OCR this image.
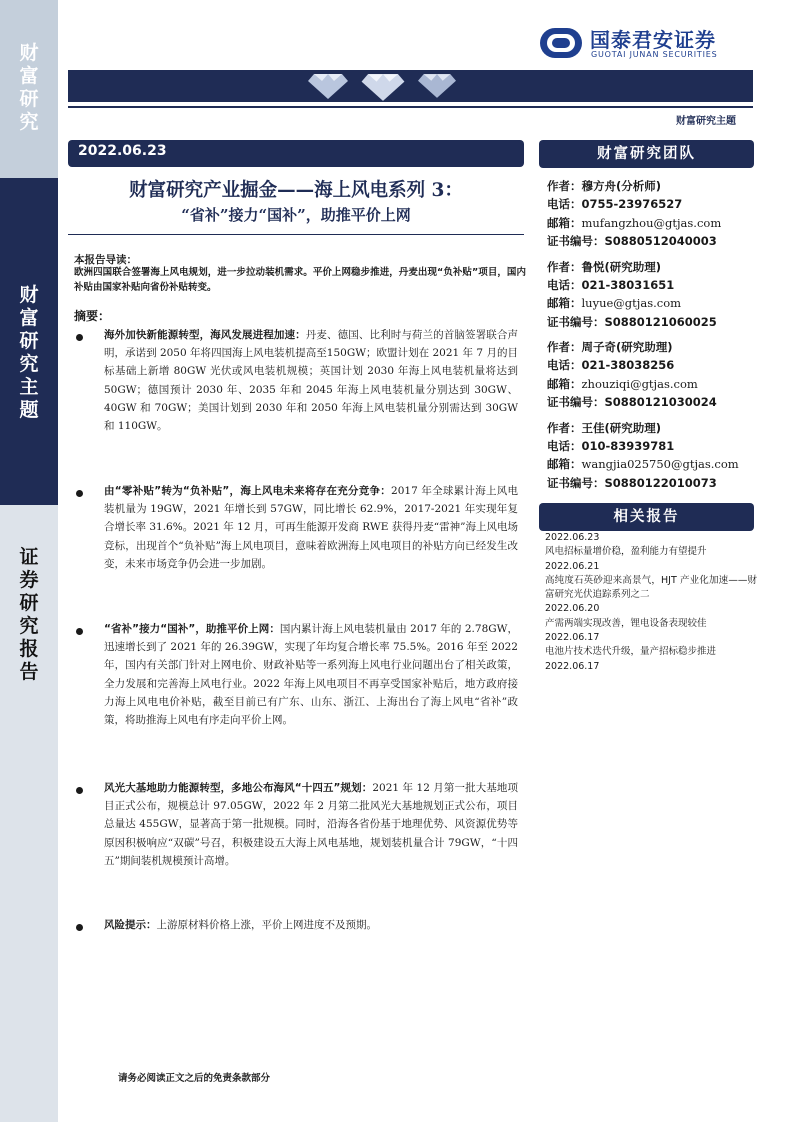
财
富
研
究
财
富
研
究
主
题
证
券
研
究
报
告
国泰君安证券
GUOTAI JUNAN SECURITIES
财富研究主题
2022.06.23
财富研究产业掘金——海上风电系列 3：
“省补”接力“国补”，助推平价上网
本报告导读：
欧洲四国联合签署海上风电规划，进一步拉动装机需求。平价上网稳步推进，丹麦出现“负补贴”项目，国内补贴由国家补贴向省份补贴转变。
摘要：
海外加快新能源转型，海风发展进程加速：丹麦、德国、比利时与荷兰的首脑签署联合声明，承诺到 2050 年将四国海上风电装机提高至150GW；欧盟计划在 2021 年 7 月的目标基础上新增 80GW 光伏或风电装机规模；英国计划 2030 年海上风电装机量将达到 50GW；德国预计 2030 年、2035 年和 2045 年海上风电装机量分别达到 30GW、40GW 和 70GW；美国计划到 2030 年和 2050 年海上风电装机量分别需达到 30GW 和 110GW。
由“零补贴”转为“负补贴”，海上风电未来将存在充分竞争：2017 年全球累计海上风电装机量为 19GW，2021 年增长到 57GW，同比增长 62.9%，2017-2021 年实现年复合增长率 31.6%。2021 年 12 月，可再生能源开发商 RWE 获得丹麦“雷神”海上风电场竞标，出现首个“负补贴”海上风电项目，意味着欧洲海上风电项目的补贴方向已经发生改变，未来市场竞争仍会进一步加剧。
“省补”接力“国补”，助推平价上网：国内累计海上风电装机量由 2017 年的 2.78GW，迅速增长到了 2021 年的 26.39GW，实现了年均复合增长率 75.5%。2016 年至 2022 年，国内有关部门针对上网电价、财政补贴等一系列海上风电行业问题出台了相关政策，全力发展和完善海上风电行业。2022 年海上风电项目不再享受国家补贴后，地方政府接力海上风电电价补贴，截至目前已有广东、山东、浙江、上海出台了海上风电“省补”政策，将助推海上风电有序走向平价上网。
风光大基地助力能源转型，多地公布海风“十四五”规划：2021 年 12 月第一批大基地项目正式公布，规模总计 97.05GW，2022 年 2 月第二批风光大基地规划正式公布，项目总量达 455GW，显著高于第一批规模。同时，沿海各省份基于地理优势、风资源优势等原因积极响应“双碳”号召，积极建设五大海上风电基地，规划装机量合计 79GW，“十四五”期间装机规模预计高增。
风险提示：上游原材料价格上涨，平价上网进度不及预期。
请务必阅读正文之后的免责条款部分
财富研究团队
作者：穆方舟(分析师)
电话：0755-23976527
邮箱：mufangzhou@gtjas.com
证书编号：S0880512040003
作者：鲁悦(研究助理)
电话：021-38031651
邮箱：luyue@gtjas.com
证书编号：S0880121060025
作者：周子奇(研究助理)
电话：021-38038256
邮箱：zhouziqi@gtjas.com
证书编号：S0880121030024
作者：王佳(研究助理)
电话：010-83939781
邮箱：wangjia025750@gtjas.com
证书编号：S0880122010073
相关报告
2022.06.23
风电招标量增价稳，盈利能力有望提升
2022.06.21
高纯度石英砂迎来高景气，HJT 产业化加速——财富研究光伏追踪系列之二
2022.06.20
产需两端实现改善，锂电设备表现较佳
2022.06.17
电池片技术迭代升级，量产招标稳步推进
2022.06.17
